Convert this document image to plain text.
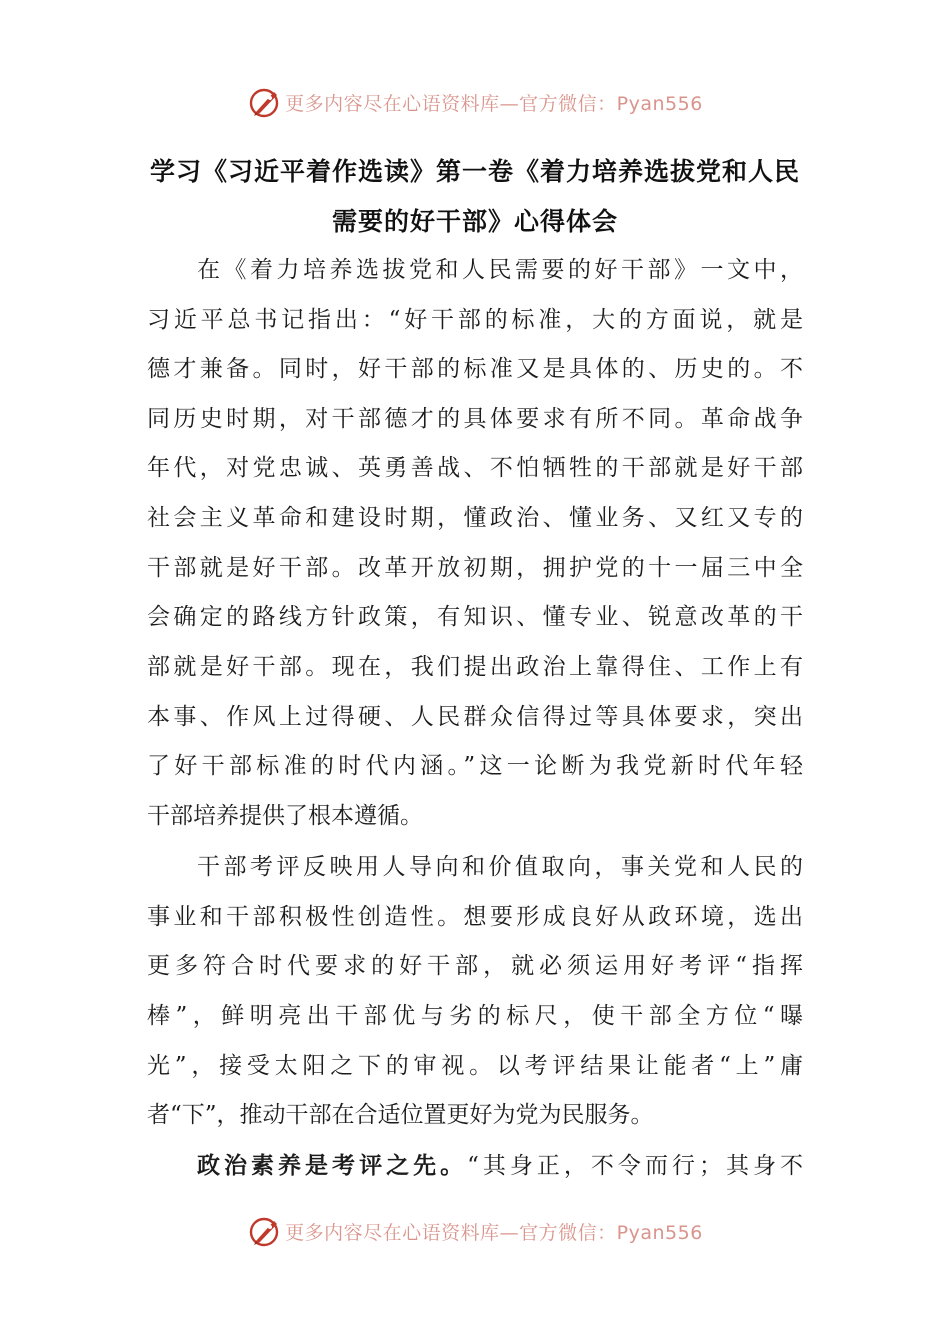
更多内容尽在心语资料库—官方微信：Pyan556
学习《习近平着作选读》第一卷《着力培养选拔党和人民
需要的好干部》心得体会
在《着力培养选拔党和人民需要的好干部》一文中，
习近平总书记指出：“好干部的标准，大的方面说，就是
德才兼备。同时，好干部的标准又是具体的、历史的。不
同历史时期，对干部德才的具体要求有所不同。革命战争
年代，对党忠诚、英勇善战、不怕牺牲的干部就是好干部
社会主义革命和建设时期，懂政治、懂业务、又红又专的
干部就是好干部。改革开放初期，拥护党的十一届三中全
会确定的路线方针政策，有知识、懂专业、锐意改革的干
部就是好干部。现在，我们提出政治上靠得住、工作上有
本事、作风上过得硬、人民群众信得过等具体要求，突出
了好干部标准的时代内涵。”这一论断为我党新时代年轻
干部培养提供了根本遵循。
干部考评反映用人导向和价值取向，事关党和人民的
事业和干部积极性创造性。想要形成良好从政环境，选出
更多符合时代要求的好干部，就必须运用好考评“指挥
棒”，鲜明亮出干部优与劣的标尺，使干部全方位“曝
光”，接受太阳之下的审视。以考评结果让能者“上”庸
者“下”，推动干部在合适位置更好为党为民服务。
政治素养是考评之先。“其身正，不令而行；其身不
更多内容尽在心语资料库—官方微信：Pyan556
